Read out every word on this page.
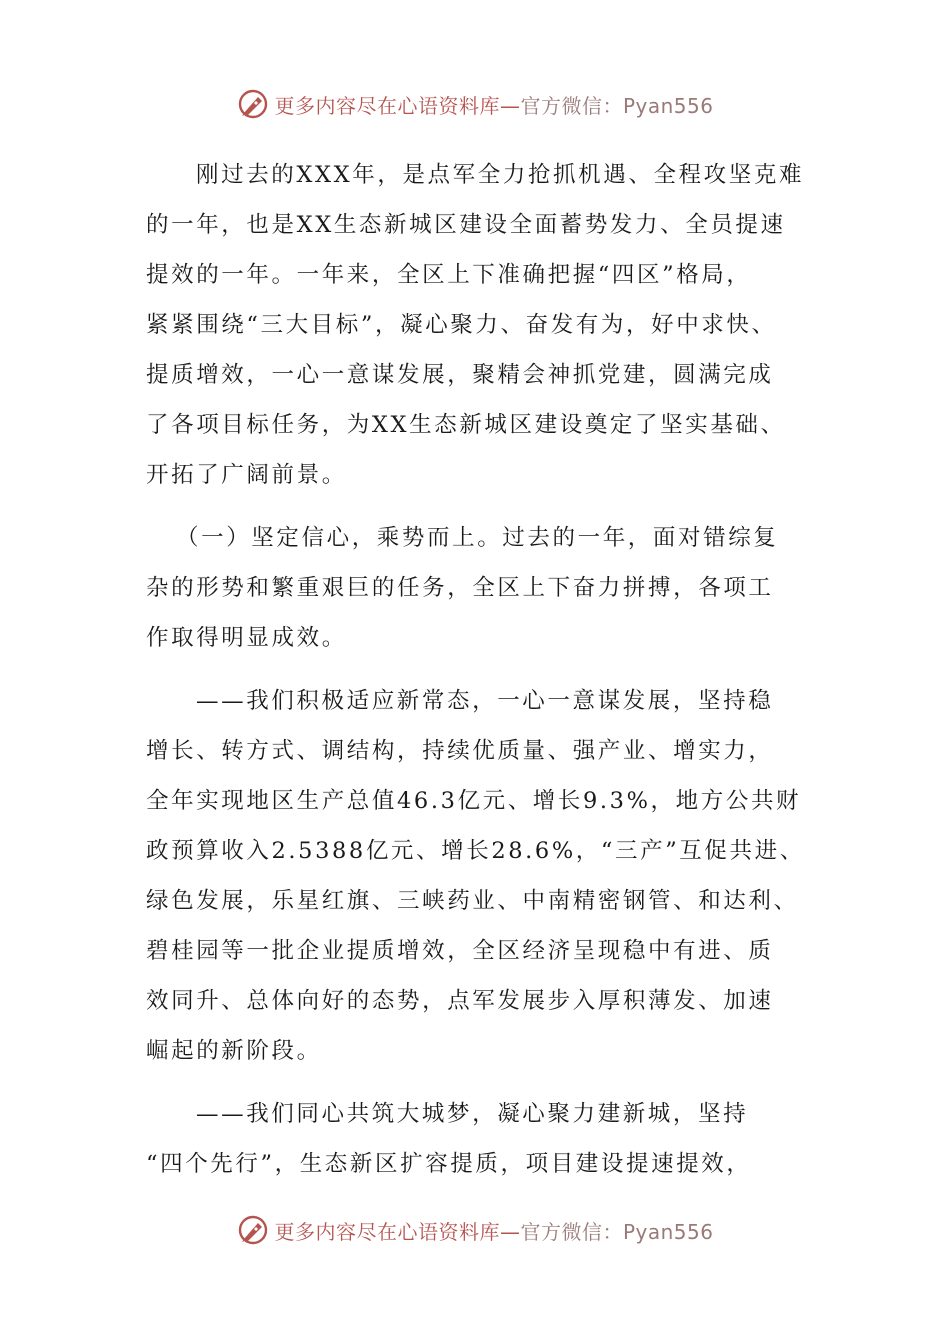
更多内容尽在心语资料库—官方微信：Pyan556

刚过去的XXX年，是点军全力抢抓机遇、全程攻坚克难
的一年，也是XX生态新城区建设全面蓄势发力、全员提速
提效的一年。一年来，全区上下准确把握“四区”格局，
紧紧围绕“三大目标”，凝心聚力、奋发有为，好中求快、
提质增效，一心一意谋发展，聚精会神抓党建，圆满完成
了各项目标任务，为XX生态新城区建设奠定了坚实基础、
开拓了广阔前景。

（一）坚定信心，乘势而上。过去的一年，面对错综复
杂的形势和繁重艰巨的任务，全区上下奋力拼搏，各项工
作取得明显成效。

——我们积极适应新常态，一心一意谋发展，坚持稳
增长、转方式、调结构，持续优质量、强产业、增实力，
全年实现地区生产总值46.3亿元、增长9.3%，地方公共财
政预算收入2.5388亿元、增长28.6%，“三产”互促共进、
绿色发展，乐星红旗、三峡药业、中南精密钢管、和达利、
碧桂园等一批企业提质增效，全区经济呈现稳中有进、质
效同升、总体向好的态势，点军发展步入厚积薄发、加速
崛起的新阶段。

——我们同心共筑大城梦，凝心聚力建新城，坚持
“四个先行”，生态新区扩容提质，项目建设提速提效，

更多内容尽在心语资料库—官方微信：Pyan556
